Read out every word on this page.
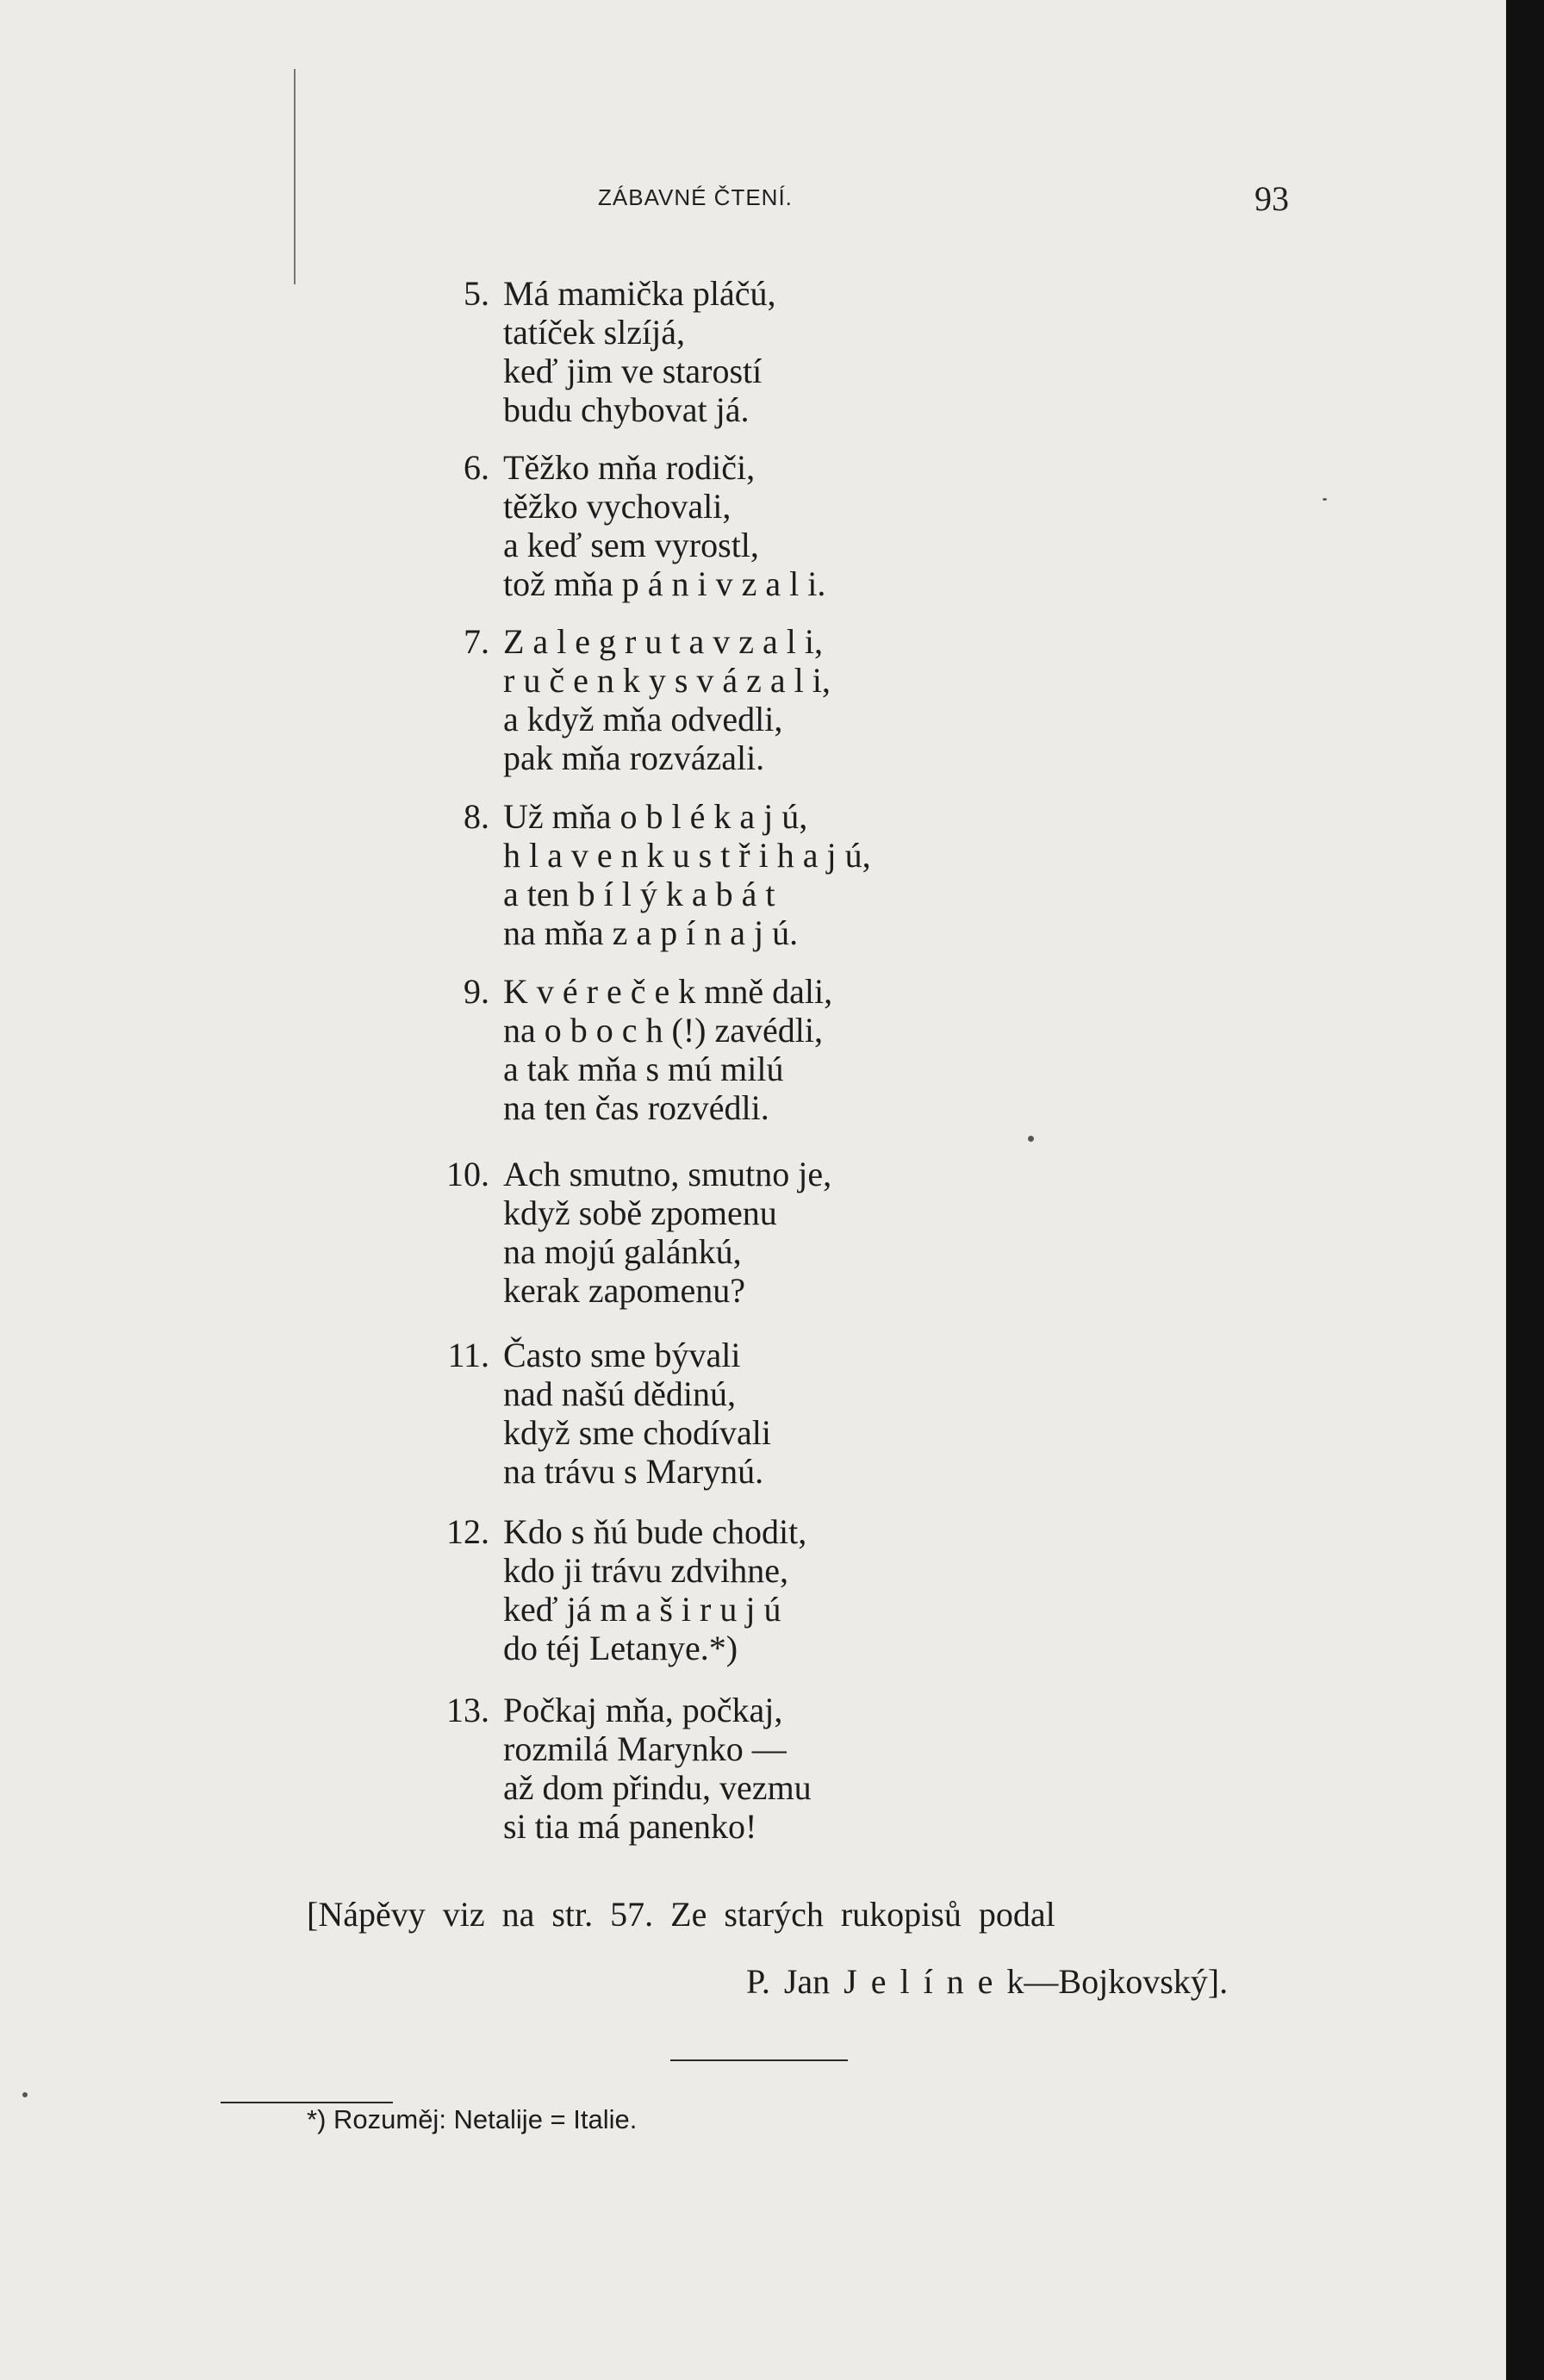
ZÁBAVNÉ ČTENÍ.	93
5. Má mamička pláčú,
tatíček slzíjá,
keď jim ve starostí
budu chybovat já.
6. Těžko mňa rodiči,
těžko vychovali,
a keď sem vyrostl,
tož mňa p á n i v z a l i.
7. Z a l e g r u t a v z a l i,
r u č e n k y s v á z a l i,
a když mňa odvedli,
pak mňa rozvázali.
8. Už mňa o b l é k a j ú,
h l a v e n k u s t ř i h a j ú,
a ten b í l ý k a b á t
na mňa z a p í n a j ú.
9. K v é r e č e k mně dali,
na o b o c h (!) zavédli,
a tak mňa s mú milú
na ten čas rozvédli.
10. Ach smutno, smutno je,
když sobě zpomenu
na mojú galánkú,
kerak zapomenu?
11. Často sme bývali
nad našú dědinú,
když sme chodívali
na trávu s Marynú.
12. Kdo s ňú bude chodit,
kdo ji trávu zdvihne,
keď já m a š i r u j ú
do téj Letanye.*)
13. Počkaj mňa, počkaj,
rozmilá Marynko —
až dom přindu, vezmu
si tia má panenko!
[Nápěvy viz na str. 57. Ze starých rukopisů podal
P. Jan J e l í n e k—Bojkovský].
*) Rozuměj: Netalije = Italie.
